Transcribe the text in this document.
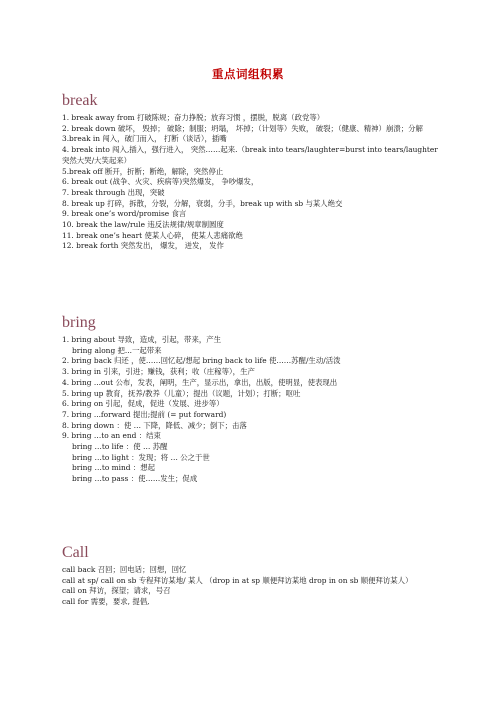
重点词组积累
break

1. break away from 打破陈规；奋力挣脱；放弃习惯 ，摆脱，脱离（政党等）

2. break down 破坏， 毁掉； 破除；制服；坍塌， 坏掉；（计划等）失败， 破裂；（健康、精神）崩溃；分解

3.break in 闯入，破门而入， 打断（谈话），插嘴

4. break into 闯入,插入，强行进入， 突然……起来.（break into tears/laughter=burst into tears/laughter 突然大哭/大笑起来）

5.break off 断开，折断；断绝，解除，突然停止

6. break out (战争、火灾、疾病等)突然爆发， 争吵爆发，

7. break through 出现，突破

8. break up 打碎，拆散，分裂，分解，衰弱，分手，break up with sb 与某人绝交

9. break one’s word/promise 食言

10. break the law/rule 违反法规律/规章制圆度

11. break one’s heart 使某人心碎， 使某人悲痛欲绝

12. break forth 突然发出， 爆发， 迸发， 发作

bring

1. bring about 导致，造成，引起，带来，产生

bring along 把...一起带来

2. bring back 归还 ，使……回忆起/想起 bring back to life 使……苏醒/生动/活泼

3. bring in 引来，引进；赚钱，获利；收（庄稼等），生产

4. bring ...out 公布，发表，阐明，生产，显示出，拿出，出版，使明显，使表现出

5. bring up 教育，抚养/教养（儿童）；提出（议题，计划）；打断；呕吐

6. bring on 引起，促成，促进（发展、进步等）

7. bring ...forward 提出;提前 (= put forward)

8. bring down ：使 … 下降，降低、减少；倒下；击落

9. bring …to an end ：结束

bring …to life ：使 … 苏醒

bring …to light ：发现；将 … 公之于世

bring …to mind ：想起

bring …to pass ：使……发生；促成

Call

call back 召回；回电话；回想，回忆

call at sp/ call on sb 专程拜访某地/ 某人 （drop in at sp 顺便拜访某地 drop in on sb 顺便拜访某人）

call on 拜访，探望；请求，号召

call for 需要，要求, 提倡,
